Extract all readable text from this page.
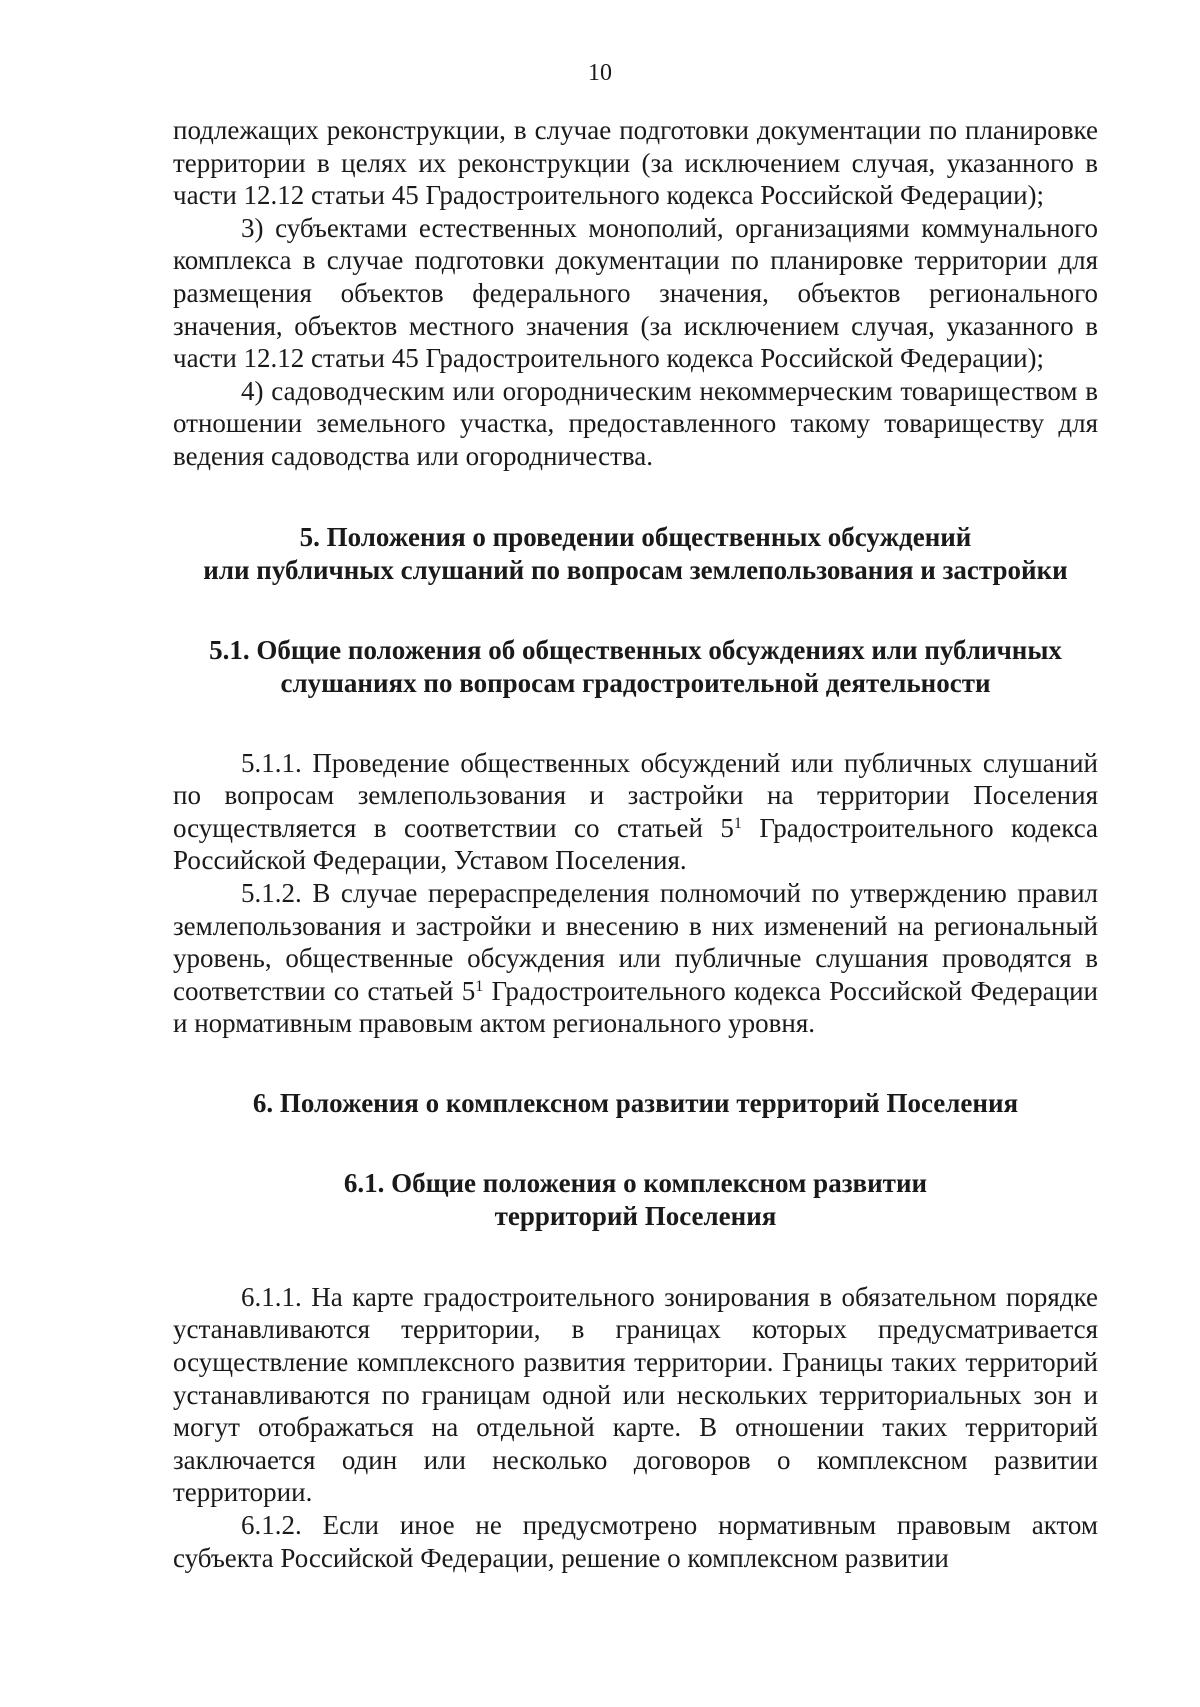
10

подлежащих реконструкции, в случае подготовки документации по планировке территории в целях их реконструкции (за исключением случая, указанного в части 12.12 статьи 45 Градостроительного кодекса Российской Федерации);

3) субъектами естественных монополий, организациями коммунального комплекса в случае подготовки документации по планировке территории для размещения объектов федерального значения, объектов регионального значения, объектов местного значения (за исключением случая, указанного в части 12.12 статьи 45 Градостроительного кодекса Российской Федерации);

4) садоводческим или огородническим некоммерческим товариществом в отношении земельного участка, предоставленного такому товариществу для ведения садоводства или огородничества.

5. Положения о проведении общественных обсуждений
или публичных слушаний по вопросам землепользования и застройки
5.1. Общие положения об общественных обсуждениях или публичных
слушаниях по вопросам градостроительной деятельности

5.1.1. Проведение общественных обсуждений или публичных слушаний по вопросам землепользования и застройки на территории Поселения осуществляется в соответствии со статьей $5^1$ Градостроительного кодекса Российской Федерации, Уставом Поселения.

5.1.2. В случае перераспределения полномочий по утверждению правил землепользования и застройки и внесению в них изменений на региональный уровень, общественные обсуждения или публичные слушания проводятся в соответствии со статьей $5^1$ Градостроительного кодекса Российской Федерации и нормативным правовым актом регионального уровня.

6. Положения о комплексном развитии территорий Поселения
6.1. Общие положения о комплексном развитии
территорий Поселения

6.1.1. На карте градостроительного зонирования в обязательном порядке устанавливаются территории, в границах которых предусматривается осуществление комплексного развития территории. Границы таких территорий устанавливаются по границам одной или нескольких территориальных зон и могут отображаться на отдельной карте. В отношении таких территорий заключается один или несколько договоров о комплексном развитии территории.

6.1.2. Если иное не предусмотрено нормативным правовым актом субъекта Российской Федерации, решение о комплексном развитии
